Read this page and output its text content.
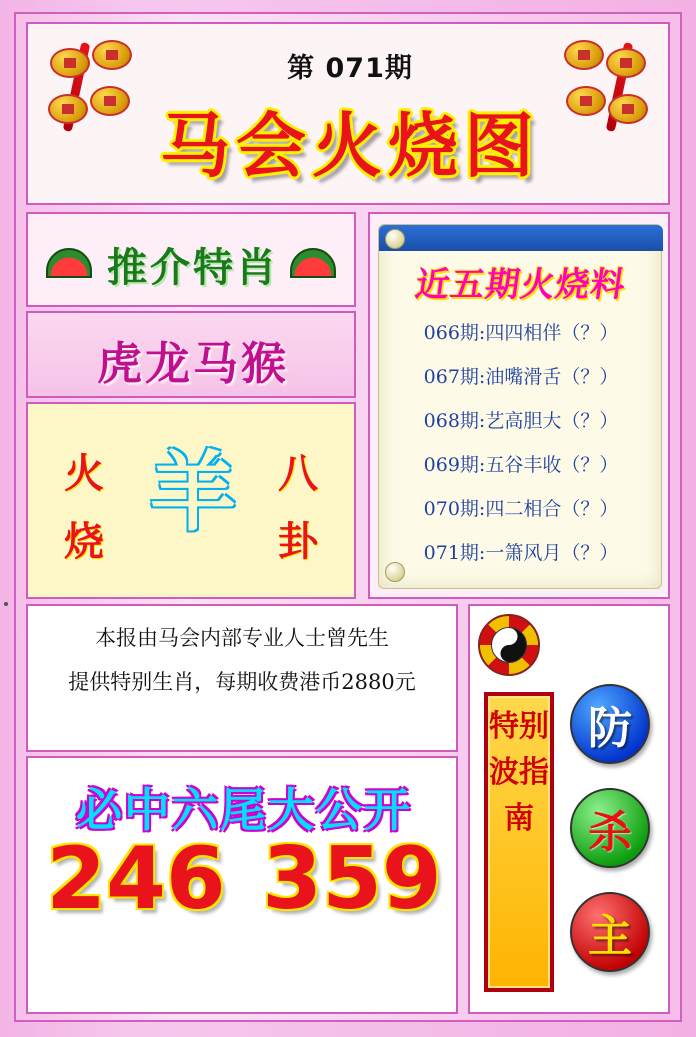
第 071期
马会火烧图
推介特肖
虎龙马猴
火
烧
八
卦
羊
近五期火烧料
066期:四四相伴（？）
067期:油嘴滑舌（？）
068期:艺高胆大（？）
069期:五谷丰收（？）
070期:四二相合（？）
071期:一箫风月（？）
本报由马会内部专业人士曾先生
提供特别生肖，每期收费港币2880元
必中六尾大公开
246 359
特别波指南
防
杀
主
